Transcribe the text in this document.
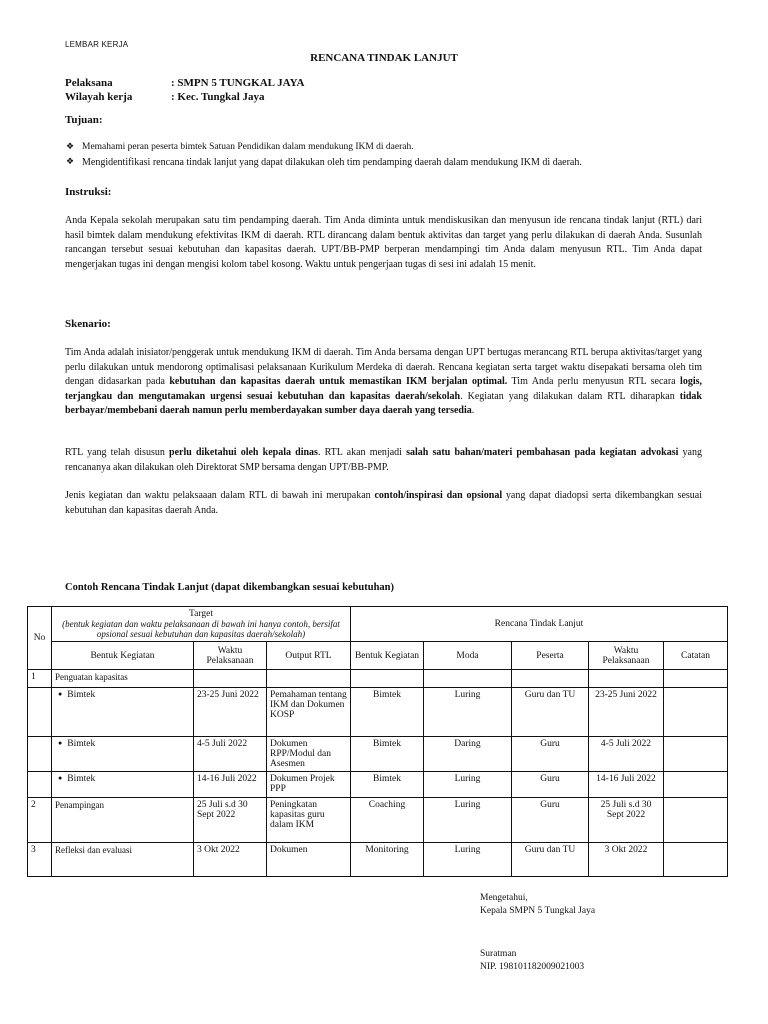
LEMBAR KERJA
RENCANA TINDAK LANJUT
Pelaksana	: SMPN 5 TUNGKAL JAYA
Wilayah kerja	: Kec. Tungkal Jaya
Tujuan:
❖ Memahami peran peserta bimtek Satuan Pendidikan dalam mendukung IKM di daerah.
❖ Mengidentifikasi rencana tindak lanjut yang dapat dilakukan oleh tim pendamping daerah dalam mendukung IKM di daerah.
Instruksi:
Anda Kepala sekolah merupakan satu tim pendamping daerah. Tim Anda diminta untuk mendiskusikan dan menyusun ide rencana tindak lanjut (RTL) dari hasil bimtek dalam mendukung efektivitas IKM di daerah. RTL dirancang dalam bentuk aktivitas dan target yang perlu dilakukan di daerah Anda. Susunlah rancangan tersebut sesuai kebutuhan dan kapasitas daerah. UPT/BB-PMP berperan mendampingi tim Anda dalam menyusun RTL. Tim Anda dapat mengerjakan tugas ini dengan mengisi kolom tabel kosong. Waktu untuk pengerjaan tugas di sesi ini adalah 15 menit.
Skenario:
Tim Anda adalah inisiator/penggerak untuk mendukung IKM di daerah. Tim Anda bersama dengan UPT bertugas merancang RTL berupa aktivitas/target yang perlu dilakukan untuk mendorong optimalisasi pelaksanaan Kurikulum Merdeka di daerah. Rencana kegiatan serta target waktu disepakati bersama oleh tim dengan didasarkan pada kebutuhan dan kapasitas daerah untuk memastikan IKM berjalan optimal. Tim Anda perlu menyusun RTL secara logis, terjangkau dan mengutamakan urgensi sesuai kebutuhan dan kapasitas daerah/sekolah. Kegiatan yang dilakukan dalam RTL diharapkan tidak berbayar/membebani daerah namun perlu memberdayakan sumber daya daerah yang tersedia.
RTL yang telah disusun perlu diketahui oleh kepala dinas. RTL akan menjadi salah satu bahan/materi pembahasan pada kegiatan advokasi yang rencananya akan dilakukan oleh Direktorat SMP bersama dengan UPT/BB-PMP.
Jenis kegiatan dan waktu pelaksaaan dalam RTL di bawah ini merupakan contoh/inspirasi dan opsional yang dapat diadopsi serta dikembangkan sesuai kebutuhan dan kapasitas daerah Anda.
Contoh Rencana Tindak Lanjut (dapat dikembangkan sesuai kebutuhan)
No	Target
(bentuk kegiatan dan waktu pelaksanaan di bawah ini hanya contoh, bersifat opsional sesuai kebutuhan dan kapasitas daerah/sekolah)			Rencana Tindak Lanjut				
	Bentuk Kegiatan	Waktu Pelaksanaan	Output RTL	Bentuk Kegiatan	Moda	Peserta	Waktu Pelaksanaan	Catatan
1	Penguatan kapasitas							
	● Bimtek	23-25 Juni 2022	Pemahaman tentang IKM dan Dokumen KOSP	Bimtek	Luring	Guru dan TU	23-25 Juni 2022	
	● Bimtek	4-5 Juli 2022	Dokumen RPP/Modul dan Asesmen	Bimtek	Daring	Guru	4-5 Juli 2022	
	● Bimtek	14-16 Juli 2022	Dokumen Projek PPP	Bimtek	Luring	Guru	14-16 Juli 2022	
2	Penampingan	25 Juli s.d 30 Sept 2022	Peningkatan kapasitas guru dalam IKM	Coaching	Luring	Guru	25 Juli s.d 30 Sept 2022	
3	Refleksi dan evaluasi	3 Okt 2022	Dokumen	Monitoring	Luring	Guru dan TU	3 Okt 2022	
Mengetahui,
Kepala SMPN 5 Tungkal Jaya
Suratman
NIP. 198101182009021003
